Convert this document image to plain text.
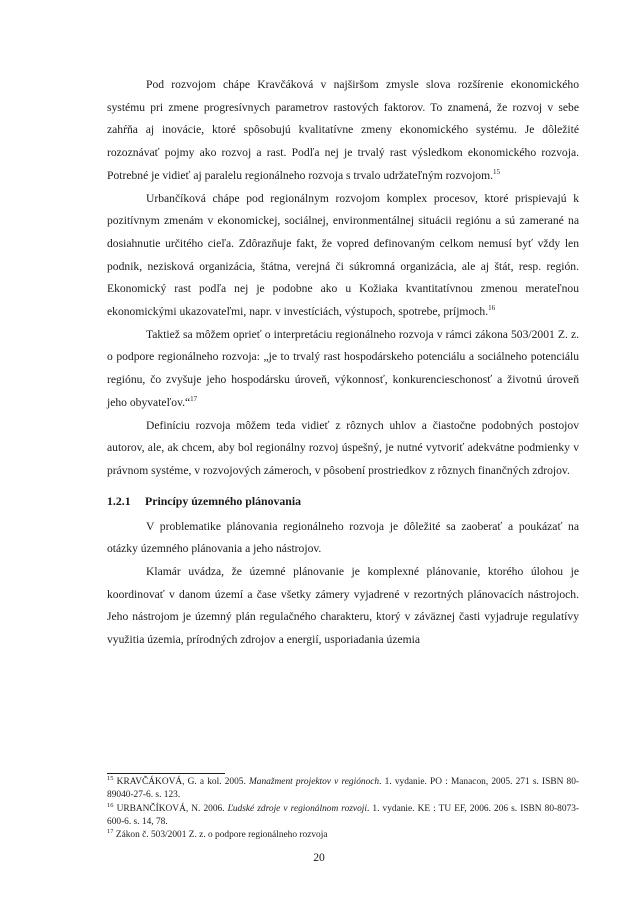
Pod rozvojom chápe Kravčáková v najširšom zmysle slova rozšírenie ekonomického systému pri zmene progresívnych parametrov rastových faktorov. To znamená, že rozvoj v sebe zahŕňa aj inovácie, ktoré spôsobujú kvalitatívne zmeny ekonomického systému. Je dôležité rozoznávať pojmy ako rozvoj a rast. Podľa nej je trvalý rast výsledkom ekonomického rozvoja. Potrebné je vidieť aj paralelu regionálneho rozvoja s trvalo udržateľným rozvojom.$^{15}$

Urbančíková chápe pod regionálnym rozvojom komplex procesov, ktoré prispievajú k pozitívnym zmenám v ekonomickej, sociálnej, environmentálnej situácii regiónu a sú zamerané na dosiahnutie určitého cieľa. Zdôrazňuje fakt, že vopred definovaným celkom nemusí byť vždy len podnik, nezisková organizácia, štátna, verejná či súkromná organizácia, ale aj štát, resp. región. Ekonomický rast podľa nej je podobne ako u Kožiaka kvantitatívnou zmenou merateľnou ekonomickými ukazovateľmi, napr. v investíciách, výstupoch, spotrebe, príjmoch.$^{16}$

Taktiež sa môžem oprieť o interpretáciu regionálneho rozvoja v rámci zákona 503/2001 Z. z. o podpore regionálneho rozvoja: „je to trvalý rast hospodárskeho potenciálu a sociálneho potenciálu regiónu, čo zvyšuje jeho hospodársku úroveň, výkonnosť, konkurencieschonosť a životnú úroveň jeho obyvateľov.“$^{17}$

Definíciu rozvoja môžem teda vidieť z rôznych uhlov a čiastočne podobných postojov autorov, ale, ak chcem, aby bol regionálny rozvoj úspešný, je nutné vytvoriť adekvátne podmienky v právnom systéme, v rozvojových zámeroch, v pôsobení prostriedkov z rôznych finančných zdrojov.

1.2.1 Princípy územného plánovania

V problematike plánovania regionálneho rozvoja je dôležité sa zaoberať a poukázať na otázky územného plánovania a jeho nástrojov.

Klamár uvádza, že územné plánovanie je komplexné plánovanie, ktorého úlohou je koordinovať v danom území a čase všetky zámery vyjadrené v rezortných plánovacích nástrojoch. Jeho nástrojom je územný plán regulačného charakteru, ktorý v záväznej časti vyjadruje regulatívy využitia územia, prírodných zdrojov a energií, usporiadania územia

$^{15}$ KRAVČÁKOVÁ, G. a kol. 2005. Manažment projektov v regiónoch. 1. vydanie. PO : Manacon, 2005. 271 s. ISBN 80-89040-27-6. s. 123.

$^{16}$ URBANČÍKOVÁ, N. 2006. Ľudské zdroje v regionálnom rozvoji. 1. vydanie. KE : TU EF, 2006. 206 s. ISBN 80-8073-600-6. s. 14, 78.

$^{17}$ Zákon č. 503/2001 Z. z. o podpore regionálneho rozvoja

20
